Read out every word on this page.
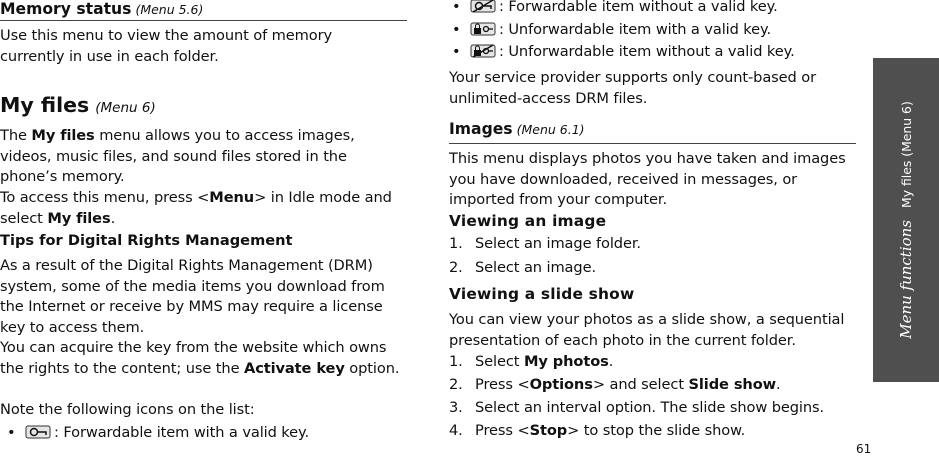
Memory status (Menu 5.6)
Use this menu to view the amount of memory currently in use in each folder.
My files (Menu 6)
The My files menu allows you to access images, videos, music files, and sound files stored in the phone’s memory.
To access this menu, press <Menu> in Idle mode and select My files.
Tips for Digital Rights Management
As a result of the Digital Rights Management (DRM) system, some of the media items you download from the Internet or receive by MMS may require a license key to access them.
You can acquire the key from the website which owns the rights to the content; use the Activate key option.
Note the following icons on the list:
•	: Forwardable item with a valid key.
•	: Forwardable item without a valid key.
•	: Unforwardable item with a valid key.
•	: Unforwardable item without a valid key.
Your service provider supports only count-based or unlimited-access DRM files.
Images (Menu 6.1)
This menu displays photos you have taken and images you have downloaded, received in messages, or imported from your computer.
Viewing an image
1. Select an image folder.
2. Select an image.
Viewing a slide show
You can view your photos as a slide show, a sequential presentation of each photo in the current folder.
1. Select My photos.
2. Press <Options> and select Slide show.
3. Select an interval option. The slide show begins.
4. Press <Stop> to stop the slide show.
Menu functionsMy files (Menu 6)
61
